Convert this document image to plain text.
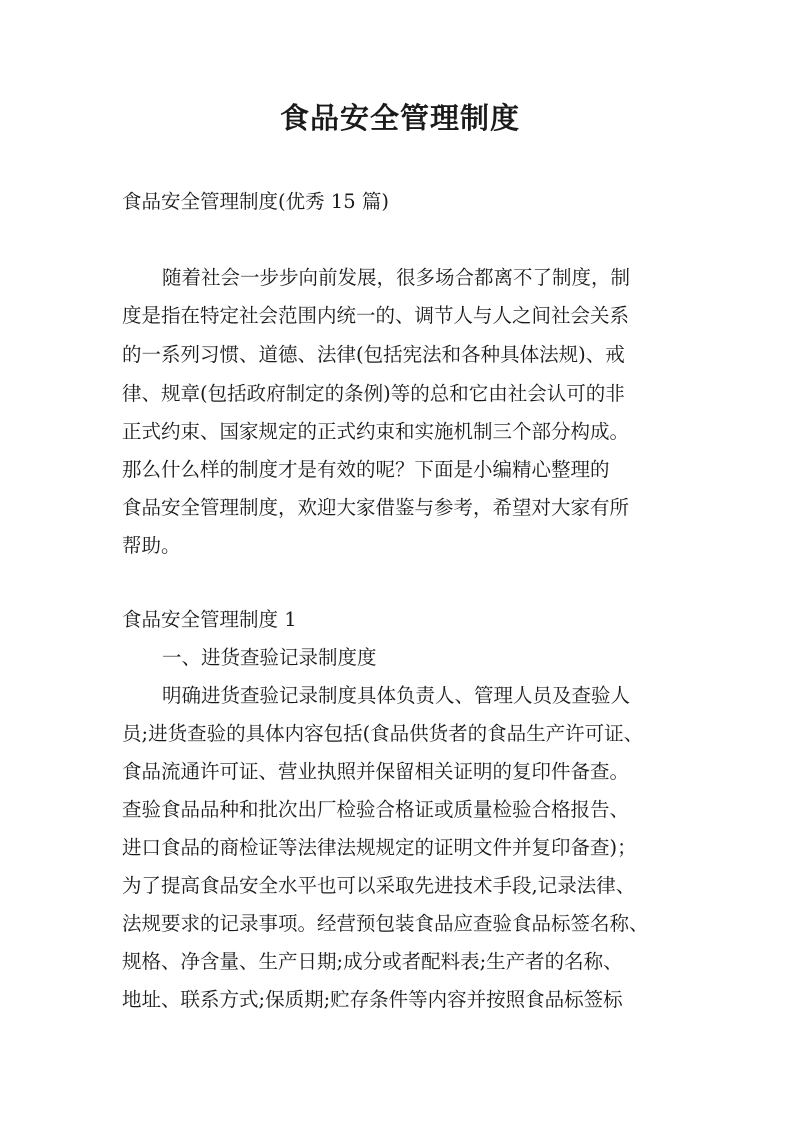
食品安全管理制度
食品安全管理制度(优秀 15 篇)
随着社会一步步向前发展，很多场合都离不了制度，制
度是指在特定社会范围内统一的、调节人与人之间社会关系
的一系列习惯、道德、法律(包括宪法和各种具体法规)、戒
律、规章(包括政府制定的条例)等的总和它由社会认可的非
正式约束、国家规定的正式约束和实施机制三个部分构成。
那么什么样的制度才是有效的呢？下面是小编精心整理的
食品安全管理制度，欢迎大家借鉴与参考，希望对大家有所
帮助。
食品安全管理制度 1
一、进货查验记录制度度
明确进货查验记录制度具体负责人、管理人员及查验人
员;进货查验的具体内容包括(食品供货者的食品生产许可证、
食品流通许可证、营业执照并保留相关证明的复印件备查。
查验食品品种和批次出厂检验合格证或质量检验合格报告、
进口食品的商检证等法律法规规定的证明文件并复印备查)；
为了提高食品安全水平也可以采取先进技术手段,记录法律、
法规要求的记录事项。经营预包装食品应查验食品标签名称、
规格、净含量、生产日期;成分或者配料表;生产者的名称、
地址、联系方式;保质期;贮存条件等内容并按照食品标签标
